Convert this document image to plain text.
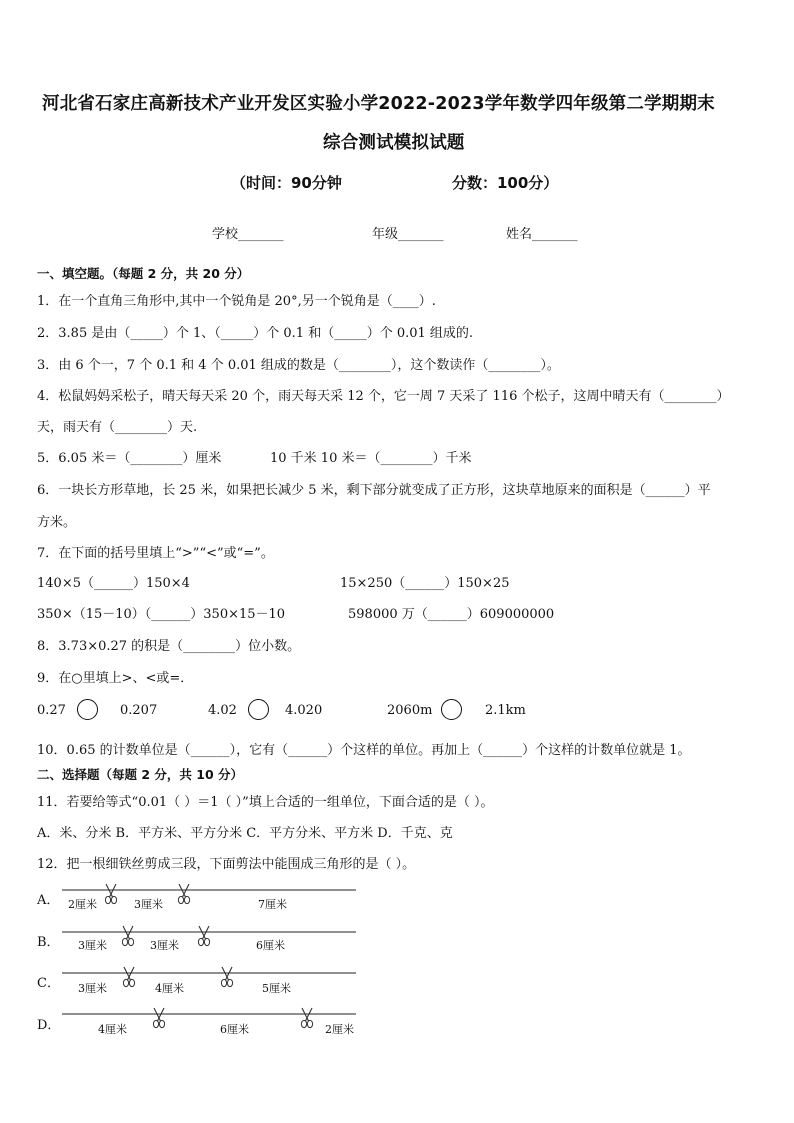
河北省石家庄高新技术产业开发区实验小学2022-2023学年数学四年级第二学期期末
综合测试模拟试题
（时间：90分钟	分数：100分）
学校_______	年级_______	姓名_______
一、填空题。（每题 2 分，共 20 分）
1．在一个直角三角形中,其中一个锐角是 20°,另一个锐角是（____）.
2．3.85 是由（_____）个 1、（_____）个 0.1 和（_____）个 0.01 组成的.
3．由 6 个一，7 个 0.1 和 4 个 0.01 组成的数是（________），这个数读作（________）。
4．松鼠妈妈采松子，晴天每天采 20 个，雨天每天采 12 个，它一周 7 天采了 116 个松子，这周中晴天有（________）
天，雨天有（________）天.
5．6.05 米＝（________）厘米	10 千米 10 米＝（________）千米
6．一块长方形草地，长 25 米，如果把长减少 5 米，剩下部分就变成了正方形，这块草地原来的面积是（______）平
方米。
7．在下面的括号里填上“>”“<”或“=”。
140×5（______）150×4	15×250（______）150×25
350×（15－10）（______）350×15－10	598000 万（______）609000000
8．3.73×0.27 的积是（________）位小数。
9．在○里填上>、<或=．
0.27	0.207	4.02	4.020	2060m	2.1km
10．0.65 的计数单位是（______），它有（______）个这样的单位。再加上（______）个这样的计数单位就是 1。
二、选择题（每题 2 分，共 10 分）
11．若要给等式“0.01（ ）＝1（ ）”填上合适的一组单位，下面合适的是（ ）。
A．米、分米 B．平方米、平方分米 C．平方分米、平方米 D．千克、克
12．把一根细铁丝剪成三段，下面剪法中能围成三角形的是（ ）。
A． 2厘米	3厘米	7厘米
B． 3厘米	3厘米	6厘米
C． 3厘米	4厘米	5厘米
D．	4厘米	6厘米	2厘米
